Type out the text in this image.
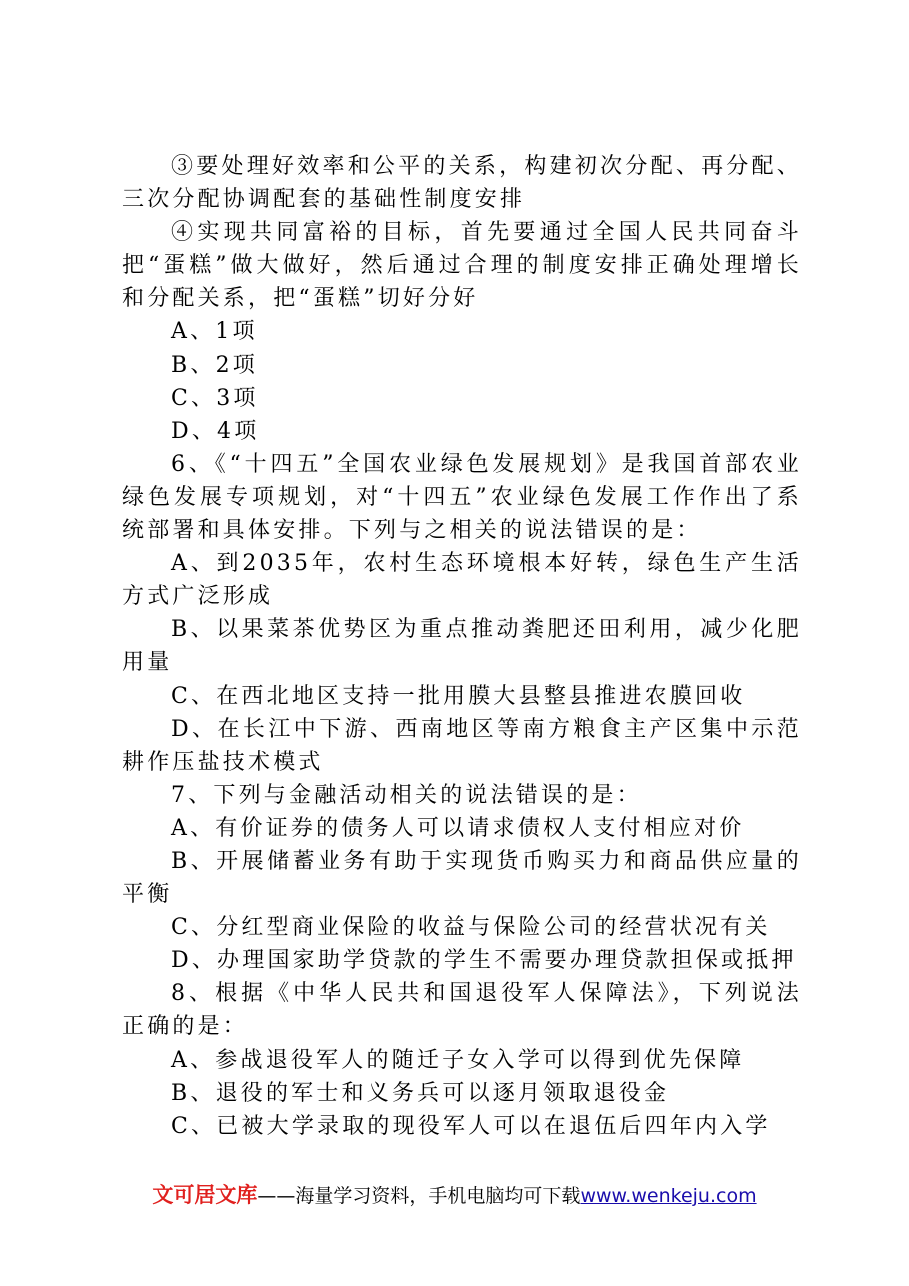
③要处理好效率和公平的关系，构建初次分配、再分配、三次分配协调配套的基础性制度安排

④实现共同富裕的目标，首先要通过全国人民共同奋斗把“蛋糕”做大做好，然后通过合理的制度安排正确处理增长和分配关系，把“蛋糕”切好分好

A、1项

B、2项

C、3项

D、4项

6、《“十四五”全国农业绿色发展规划》是我国首部农业绿色发展专项规划，对“十四五”农业绿色发展工作作出了系统部署和具体安排。下列与之相关的说法错误的是：

A、到2035年，农村生态环境根本好转，绿色生产生活方式广泛形成

B、以果菜茶优势区为重点推动粪肥还田利用，减少化肥用量

C、在西北地区支持一批用膜大县整县推进农膜回收

D、在长江中下游、西南地区等南方粮食主产区集中示范耕作压盐技术模式

7、下列与金融活动相关的说法错误的是：

A、有价证券的债务人可以请求债权人支付相应对价

B、开展储蓄业务有助于实现货币购买力和商品供应量的平衡

C、分红型商业保险的收益与保险公司的经营状况有关

D、办理国家助学贷款的学生不需要办理贷款担保或抵押

8、根据《中华人民共和国退役军人保障法》，下列说法正确的是：

A、参战退役军人的随迁子女入学可以得到优先保障

B、退役的军士和义务兵可以逐月领取退役金

C、已被大学录取的现役军人可以在退伍后四年内入学

文可居文库——海量学习资料，手机电脑均可下载www.wenkeju.com
